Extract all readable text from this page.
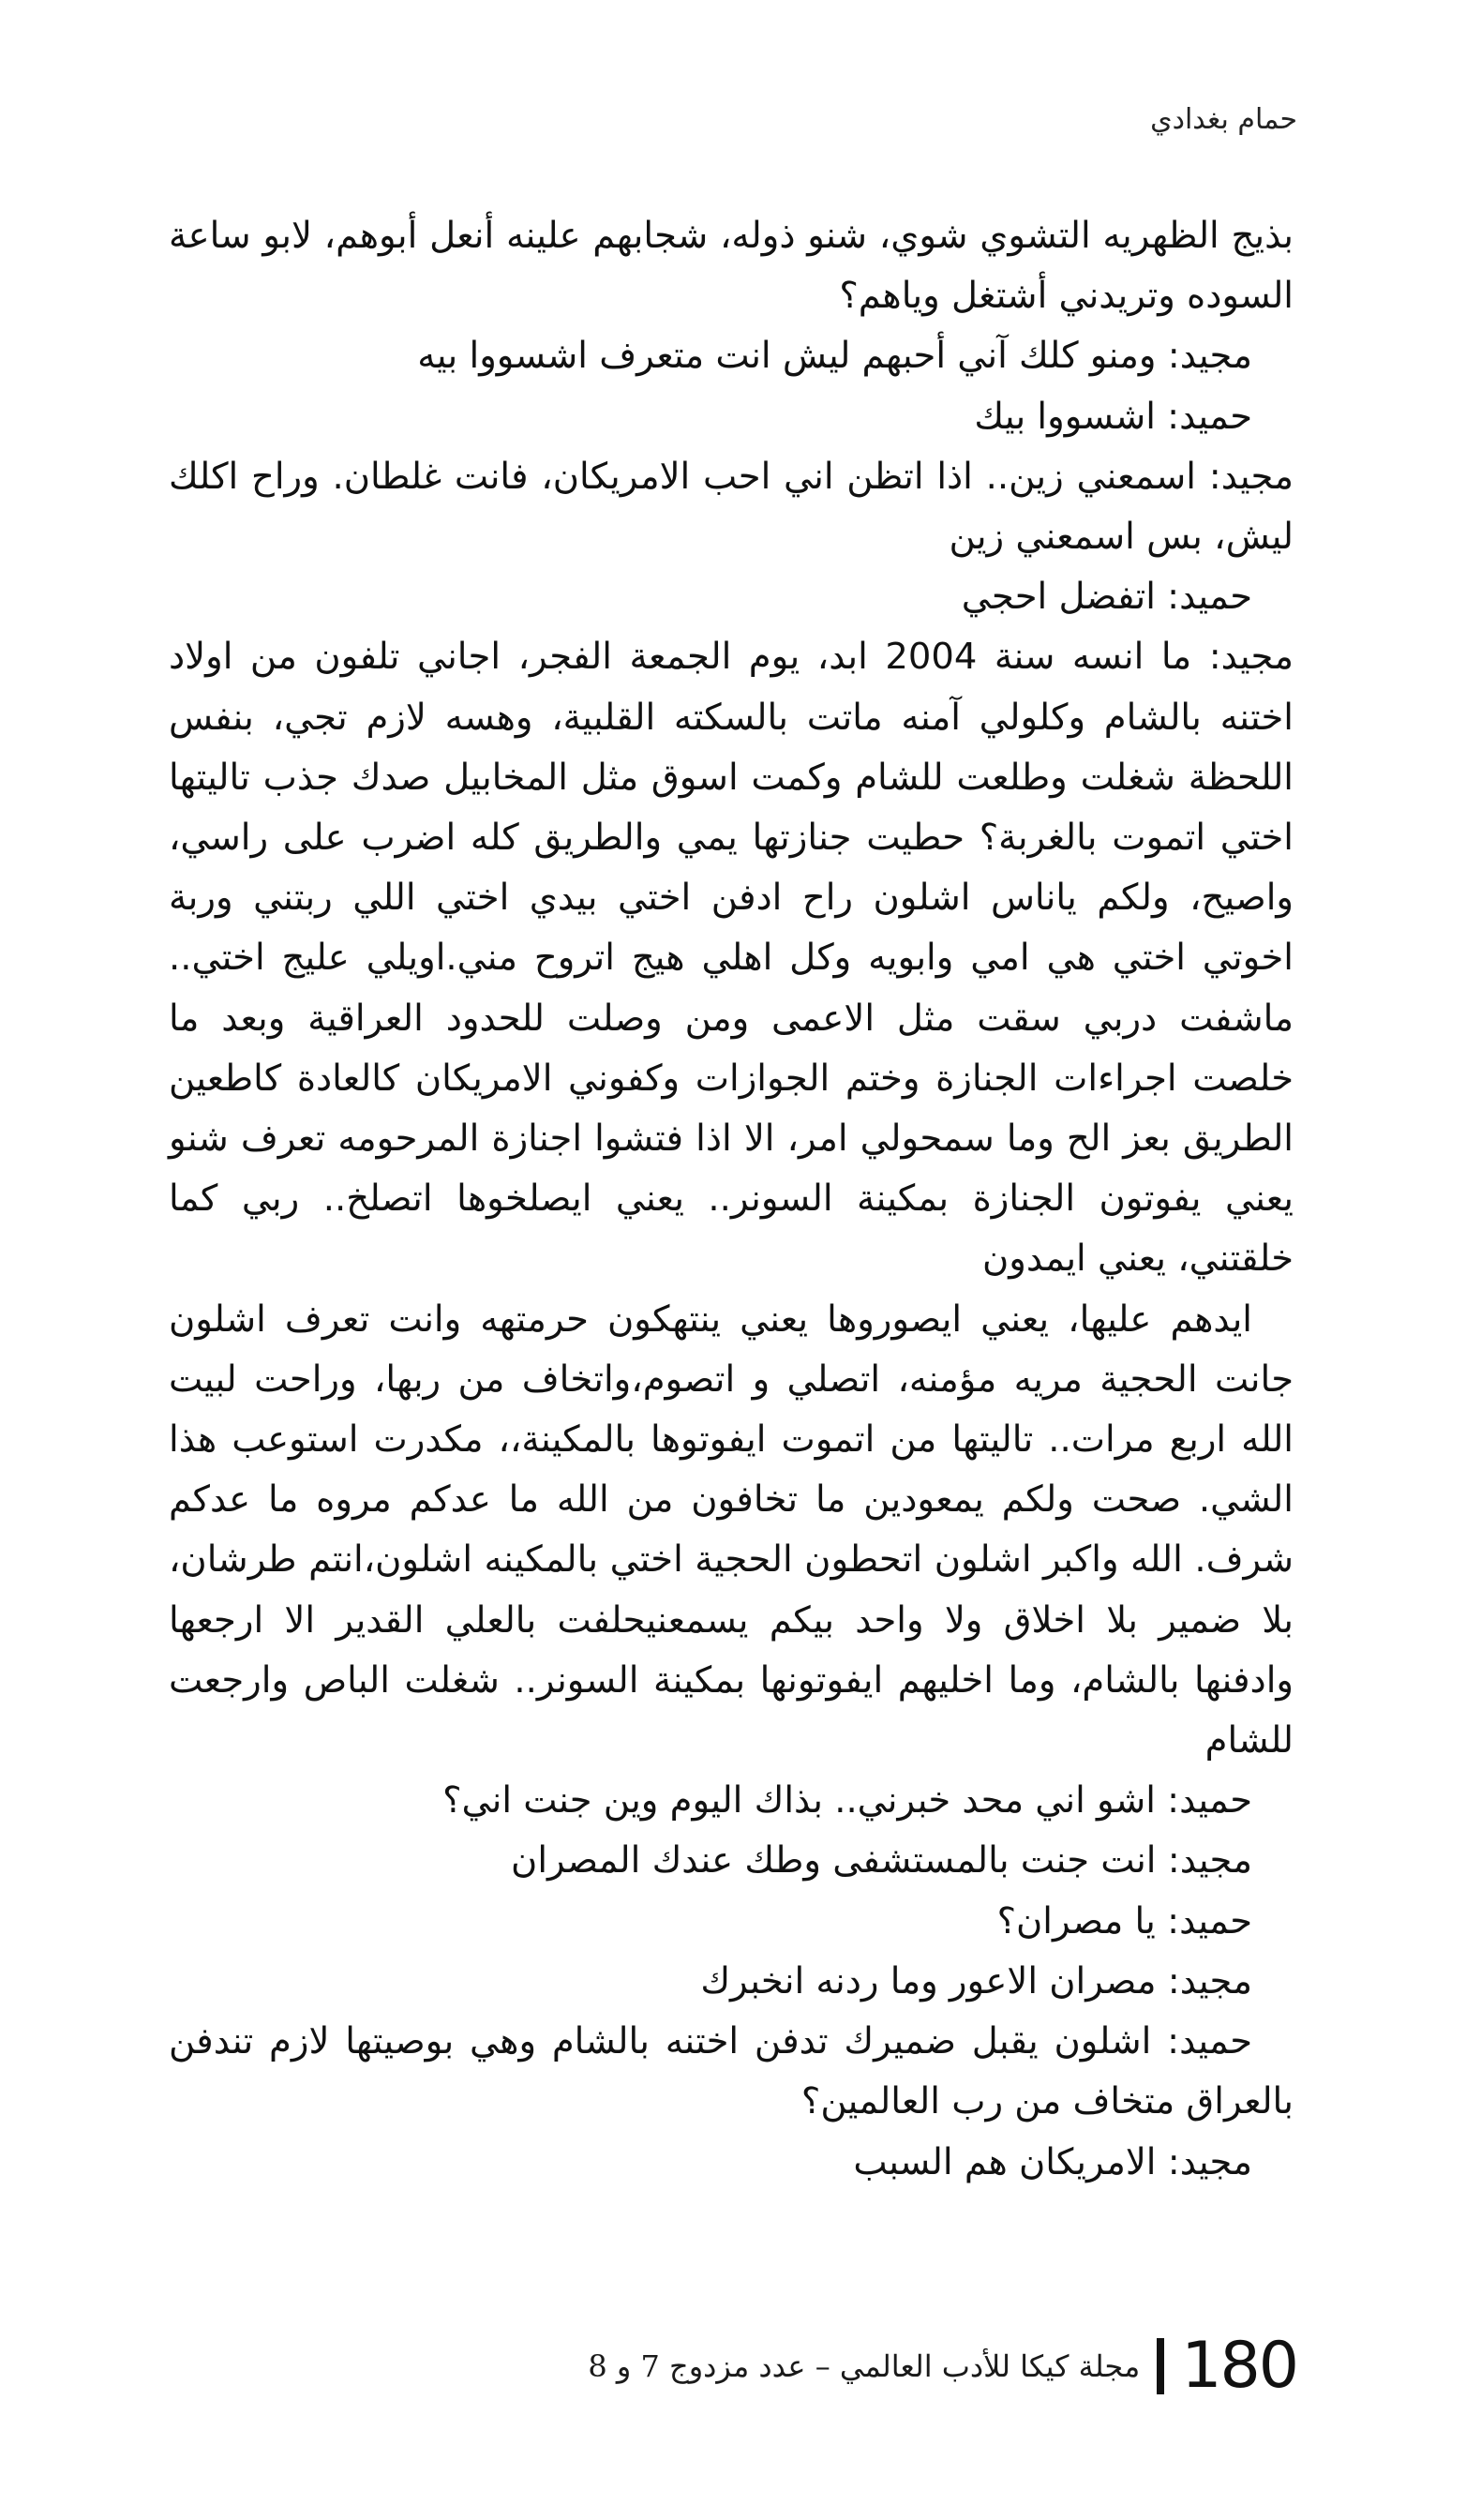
حمام بغدادي

بذيج الظهريه التشوي شوي، شنو ذوله، شجابهم علينه أنعل أبوهم، لابو ساعة السوده وتريدني أشتغل وياهم؟

مجيد: ومنو كلك آني أحبهم ليش انت متعرف اشسووا بيه

حميد: اشسووا بيك

مجيد: اسمعني زين.. اذا اتظن اني احب الامريكان، فانت غلطان. وراح اكلك ليش، بس اسمعني زين

حميد: اتفضل احجي

مجيد: ما انسه سنة 2004 ابد، يوم الجمعة الفجر، اجاني تلفون من اولاد اختنه بالشام وكلولي آمنه ماتت بالسكته القلبية، وهسه لازم تجي، بنفس اللحظة شغلت وطلعت للشام وكمت اسوق مثل المخابيل صدك جذب تاليتها اختي اتموت بالغربة؟ حطيت جنازتها يمي والطريق كله اضرب على راسي، واصيح، ولكم ياناس اشلون راح ادفن اختي بيدي اختي اللي ربتني وربة اخوتي اختي هي امي وابويه وكل اهلي هيج اتروح مني.اويلي عليج اختي.. ماشفت دربي سقت مثل الاعمى ومن وصلت للحدود العراقية وبعد ما خلصت اجراءات الجنازة وختم الجوازات وكفوني الامريكان كالعادة كاطعين الطريق بعز الح وما سمحولي امر، الا اذا فتشوا اجنازة المرحومه تعرف شنو يعني يفوتون الجنازة بمكينة السونر.. يعني ايصلخوها اتصلخ.. ربي كما خلقتني، يعني ايمدون

ايدهم عليها، يعني ايصوروها يعني ينتهكون حرمتهه وانت تعرف اشلون جانت الحجية مريه مؤمنه، اتصلي و اتصوم،واتخاف من ربها، وراحت لبيت الله اربع مرات.. تاليتها من اتموت ايفوتوها بالمكينة،، مكدرت استوعب هذا الشي. صحت ولكم يمعودين ما تخافون من الله ما عدكم مروه ما عدكم شرف. الله واكبر اشلون اتحطون الحجية اختي بالمكينه اشلون،انتم طرشان، بلا ضمير بلا اخلاق ولا واحد بيكم يسمعنيحلفت بالعلي القدير الا ارجعها وادفنها بالشام، وما اخليهم ايفوتونها بمكينة السونر.. شغلت الباص وارجعت للشام

حميد: اشو اني محد خبرني.. بذاك اليوم وين جنت اني؟

مجيد: انت جنت بالمستشفى وطك عندك المصران

حميد: يا مصران؟

مجيد: مصران الاعور وما ردنه انخبرك

حميد: اشلون يقبل ضميرك تدفن اختنه بالشام وهي بوصيتها لازم تندفن بالعراق متخاف من رب العالمين؟

مجيد: الامريكان هم السبب

180
مجلة كيكا للأدب العالمي – عدد مزدوج 7 و 8
